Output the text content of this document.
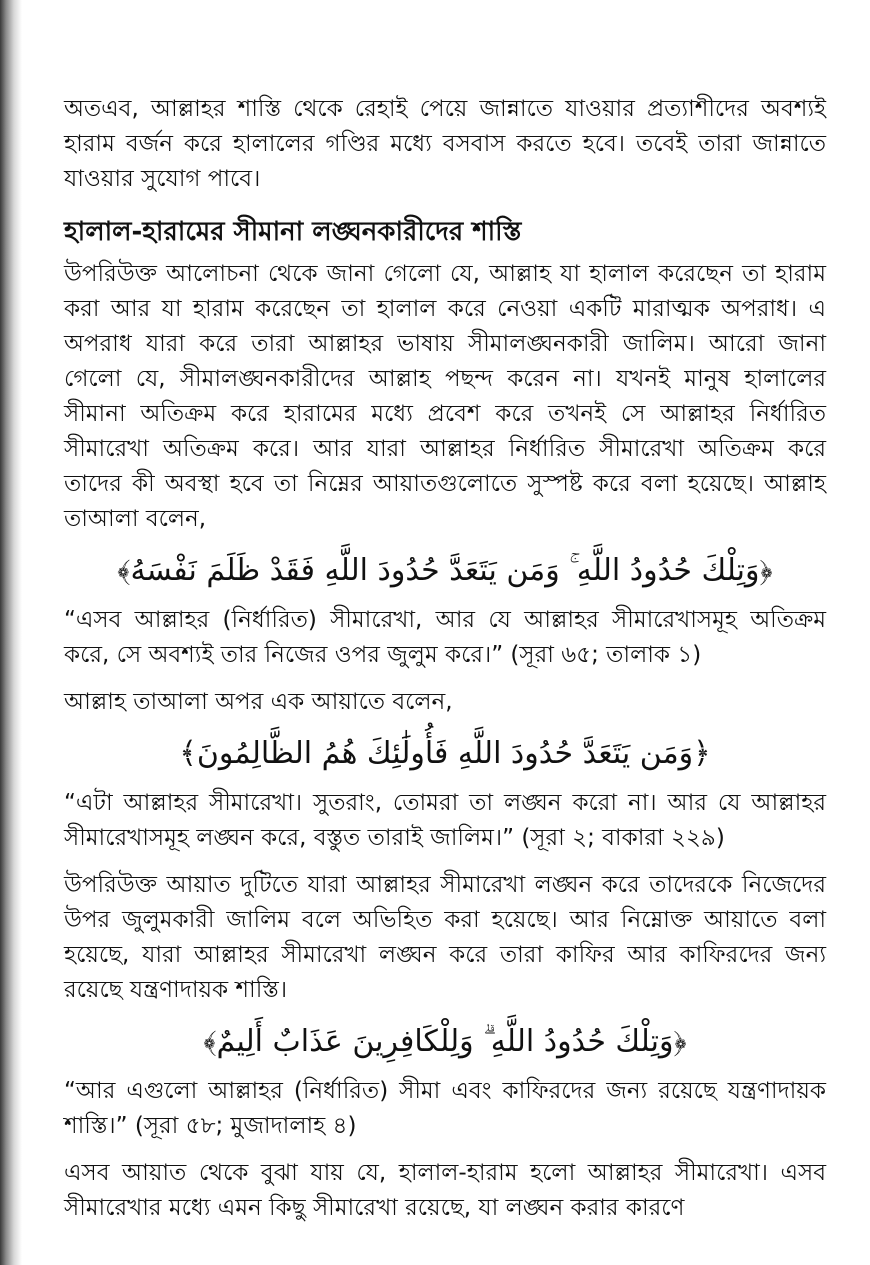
অতএব, আল্লাহর শাস্তি থেকে রেহাই পেয়ে জান্নাতে যাওয়ার প্রত্যাশীদের অবশ্যই হারাম বর্জন করে হালালের গণ্ডির মধ্যে বসবাস করতে হবে। তবেই তারা জান্নাতে যাওয়ার সুযোগ পাবে।

হালাল-হারামের সীমানা লঙ্ঘনকারীদের শাস্তি

উপরিউক্ত আলোচনা থেকে জানা গেলো যে, আল্লাহ যা হালাল করেছেন তা হারাম করা আর যা হারাম করেছেন তা হালাল করে নেওয়া একটি মারাত্মক অপরাধ। এ অপরাধ যারা করে তারা আল্লাহর ভাষায় সীমালঙ্ঘনকারী জালিম। আরো জানা গেলো যে, সীমালঙ্ঘনকারীদের আল্লাহ পছন্দ করেন না। যখনই মানুষ হালালের সীমানা অতিক্রম করে হারামের মধ্যে প্রবেশ করে তখনই সে আল্লাহর নির্ধারিত সীমারেখা অতিক্রম করে। আর যারা আল্লাহর নির্ধারিত সীমারেখা অতিক্রম করে তাদের কী অবস্থা হবে তা নিম্নের আয়াতগুলোতে সুস্পষ্ট করে বলা হয়েছে। আল্লাহ তাআলা বলেন,

﴿وَتِلْكَ حُدُودُ اللَّهِ ۚ وَمَن يَتَعَدَّ حُدُودَ اللَّهِ فَقَدْ ظَلَمَ نَفْسَهُ﴾

“এসব আল্লাহর (নির্ধারিত) সীমারেখা, আর যে আল্লাহর সীমারেখাসমূহ অতিক্রম করে, সে অবশ্যই তার নিজের ওপর জুলুম করে।” (সূরা ৬৫; তালাক ১)

আল্লাহ তাআলা অপর এক আয়াতে বলেন,

﴿وَمَن يَتَعَدَّ حُدُودَ اللَّهِ فَأُولَٰئِكَ هُمُ الظَّالِمُونَ﴾

“এটা আল্লাহর সীমারেখা। সুতরাং, তোমরা তা লঙ্ঘন করো না। আর যে আল্লাহর সীমারেখাসমূহ লঙ্ঘন করে, বস্তুত তারাই জালিম।” (সূরা ২; বাকারা ২২৯)

উপরিউক্ত আয়াত দুটিতে যারা আল্লাহর সীমারেখা লঙ্ঘন করে তাদেরকে নিজেদের উপর জুলুমকারী জালিম বলে অভিহিত করা হয়েছে। আর নিম্নোক্ত আয়াতে বলা হয়েছে, যারা আল্লাহর সীমারেখা লঙ্ঘন করে তারা কাফির আর কাফিরদের জন্য রয়েছে যন্ত্রণাদায়ক শাস্তি।

﴿وَتِلْكَ حُدُودُ اللَّهِ ۗ وَلِلْكَافِرِينَ عَذَابٌ أَلِيمٌ﴾

“আর এগুলো আল্লাহর (নির্ধারিত) সীমা এবং কাফিরদের জন্য রয়েছে যন্ত্রণাদায়ক শাস্তি।” (সূরা ৫৮; মুজাদালাহ ৪)

এসব আয়াত থেকে বুঝা যায় যে, হালাল-হারাম হলো আল্লাহর সীমারেখা। এসব সীমারেখার মধ্যে এমন কিছু সীমারেখা রয়েছে, যা লঙ্ঘন করার কারণে
